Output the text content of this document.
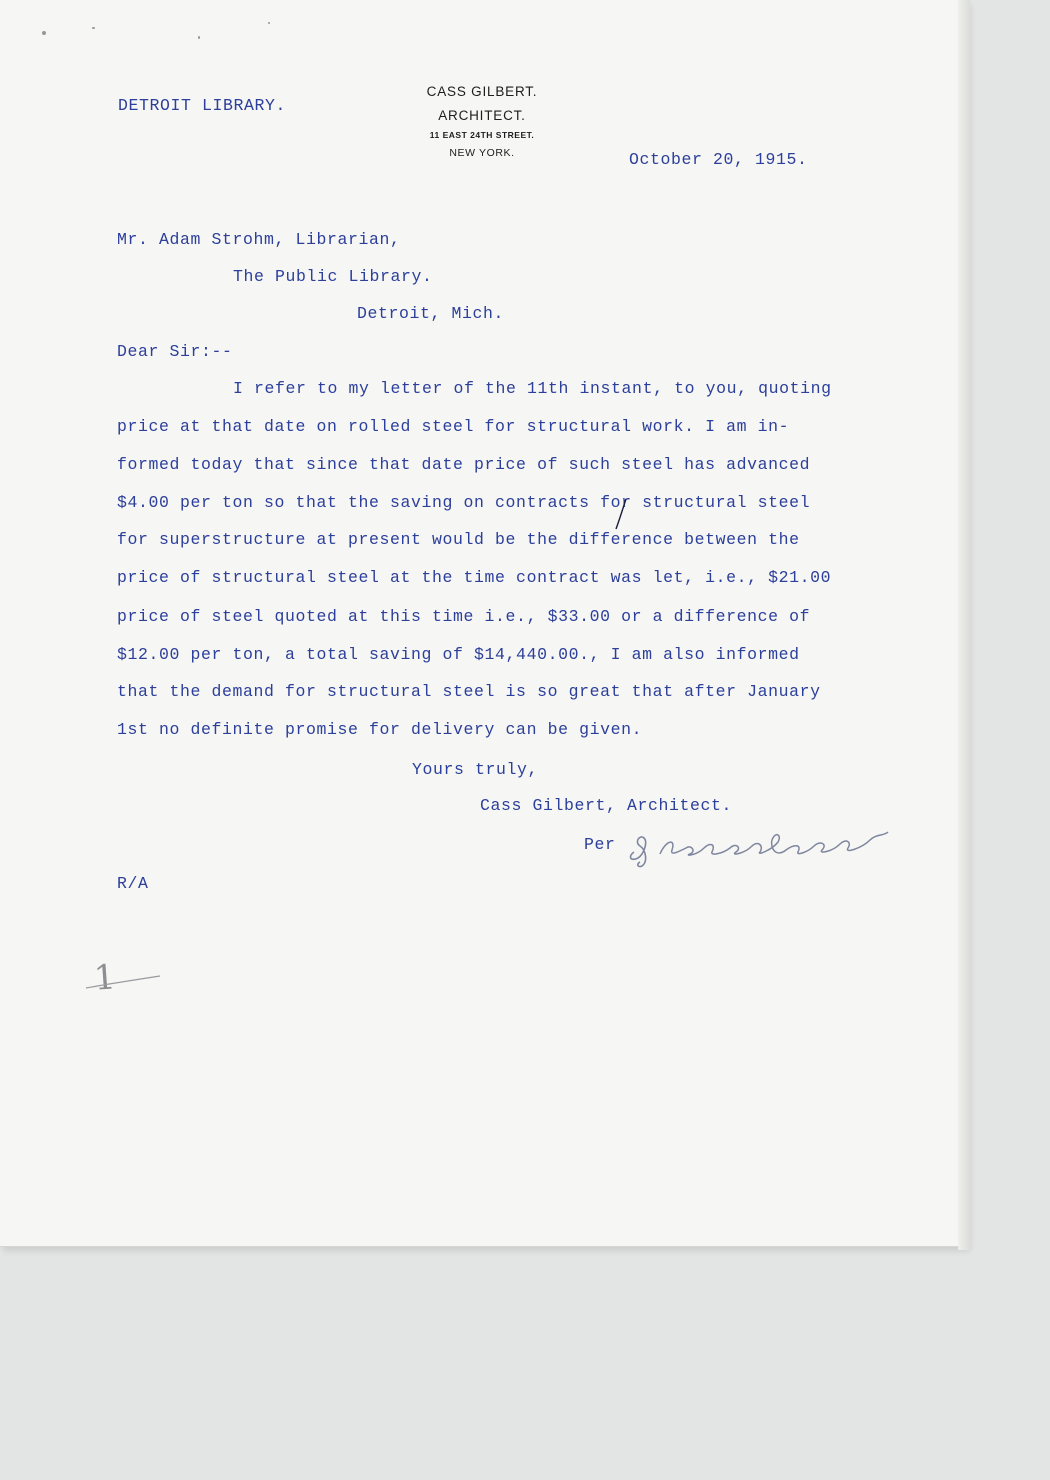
DETROIT LIBRARY.
CASS GILBERT.
ARCHITECT.
11 EAST 24TH STREET.
NEW YORK.	October 20, 1915.
Mr. Adam Strohm, Librarian,
The Public Library.
Detroit, Mich.
Dear Sir:--
I refer to my letter of the 11th instant, to you, quoting
price at that date on rolled steel for structural work. I am in-
formed today that since that date price of such steel has advanced
$4.00 per ton so that the saving on contracts for structural steel
for superstructure at present would be the difference between the
price of structural steel at the time contract was let, i.e., $21.00
price of steel quoted at this time i.e., $33.00 or a difference of
$12.00 per ton, a total saving of $14,440.00., I am also informed
that the demand for structural steel is so great that after January
1st no definite promise for delivery can be given.
Yours truly,
Cass Gilbert, Architect.
Per
R/A
1
